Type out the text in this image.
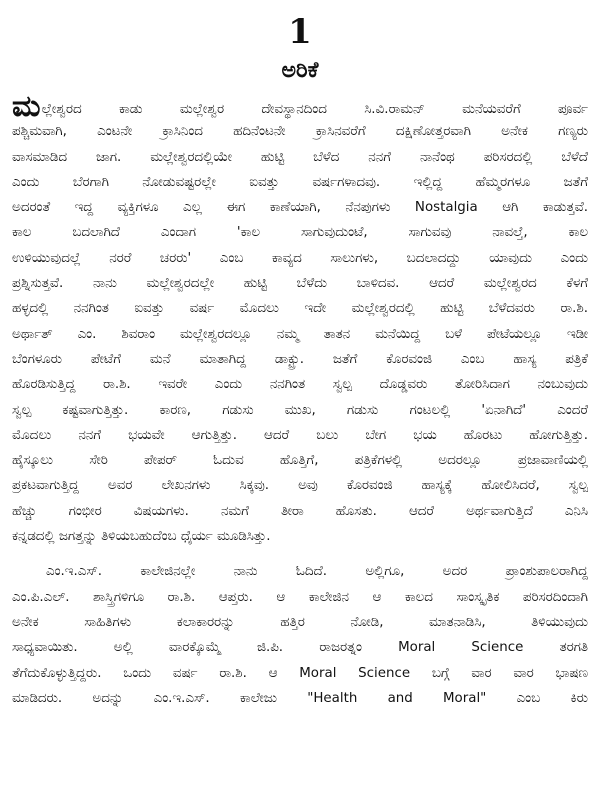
1
ಅರಿಕೆ
ಮಲ್ಲೇಶ್ವರದ ಕಾಡು ಮಲ್ಲೇಶ್ವರ ದೇವಸ್ಥಾನದಿಂದ ಸಿ.ವಿ.ರಾಮನ್ ಮನೆಯವರೆಗೆ ಪೂರ್ವ
ಪಶ್ಚಿಮವಾಗಿ, ಎಂಟನೇ ಕ್ರಾಸಿನಿಂದ ಹದಿನೆಂಟನೇ ಕ್ರಾಸಿನವರೆಗೆ ದಕ್ಷಿಣೋತ್ತರವಾಗಿ ಅನೇಕ ಗಣ್ಯರು
ವಾಸಮಾಡಿದ ಜಾಗ. ಮಲ್ಲೇಶ್ವರದಲ್ಲಿಯೇ ಹುಟ್ಟಿ ಬೆಳೆದ ನನಗೆ ನಾನೆಂಥ ಪರಿಸರದಲ್ಲಿ ಬೆಳೆದೆ
ಎಂದು ಬೆರಗಾಗಿ ನೋಡುವಷ್ಟರಲ್ಲೇ ಐವತ್ತು ವರ್ಷಗಳಾದವು. ಇಲ್ಲಿದ್ದ ಹೆಮ್ಮರಗಳೂ ಜತೆಗೆ
ಅದರಂತೆ ಇದ್ದ ವ್ಯಕ್ತಿಗಳೂ ಎಲ್ಲ ಈಗ ಕಾಣೆಯಾಗಿ, ನೆನಪುಗಳು Nostalgia ಆಗಿ ಕಾಡುತ್ತವೆ.
ಕಾಲ ಬದಲಾಗಿದೆ ಎಂದಾಗ 'ಕಾಲ ಸಾಗುವುದುಂಟೆ, ಸಾಗುವವು ನಾವಲ್ತೆ, ಕಾಲ
ಉಳಿಯುವುದಲ್ಲೆ ನರರೆ ಚರರು' ಎಂಬ ಕಾವ್ಯದ ಸಾಲುಗಳು, ಬದಲಾದದ್ದು ಯಾವುದು ಎಂದು
ಪ್ರಶ್ನಿಸುತ್ತವೆ. ನಾನು ಮಲ್ಲೇಶ್ವರದಲ್ಲೇ ಹುಟ್ಟಿ ಬೆಳೆದು ಬಾಳಿದವ. ಆದರೆ ಮಲ್ಲೇಶ್ವರದ ಕೆಳಗೆ
ಹಳ್ಳದಲ್ಲಿ ನನಗಿಂತ ಐವತ್ತು ವರ್ಷ ಮೊದಲು ಇದೇ ಮಲ್ಲೇಶ್ವರದಲ್ಲಿ ಹುಟ್ಟಿ ಬೆಳೆದವರು ರಾ.ಶಿ.
ಅರ್ಥಾತ್ ಎಂ. ಶಿವರಾಂ ಮಲ್ಲೇಶ್ವರದಲ್ಲೂ ನಮ್ಮ ತಾತನ ಮನೆಯಿದ್ದ ಬಳೆ ಪೇಟೆಯಲ್ಲೂ ಇಡೀ
ಬೆಂಗಳೂರು ಪೇಟೆಗೆ ಮನೆ ಮಾತಾಗಿದ್ದ ಡಾಕ್ಟ್ರು. ಜತೆಗೆ ಕೊರವಂಜಿ ಎಂಬ ಹಾಸ್ಯ ಪತ್ರಿಕೆ
ಹೊರಡಿಸುತ್ತಿದ್ದ ರಾ.ಶಿ. ಇವರೇ ಎಂದು ನನಗಿಂತ ಸ್ವಲ್ಪ ದೊಡ್ಡವರು ತೋರಿಸಿದಾಗ ನಂಬುವುದು
ಸ್ವಲ್ಪ ಕಷ್ಟವಾಗುತ್ತಿತ್ತು. ಕಾರಣ, ಗಡುಸು ಮುಖ, ಗಡುಸು ಗಂಟಲಲ್ಲಿ 'ಏನಾಗಿದೆ' ಎಂದರೆ
ಮೊದಲು ನನಗೆ ಭಯವೇ ಆಗುತ್ತಿತ್ತು. ಆದರೆ ಬಲು ಬೇಗ ಭಯ ಹೊರಟು ಹೋಗುತ್ತಿತ್ತು.
ಹೈಸ್ಕೂಲು ಸೇರಿ ಪೇಪರ್ ಓದುವ ಹೊತ್ತಿಗೆ, ಪತ್ರಿಕೆಗಳಲ್ಲಿ ಅದರಲ್ಲೂ ಪ್ರಜಾವಾಣಿಯಲ್ಲಿ
ಪ್ರಕಟವಾಗುತ್ತಿದ್ದ ಅವರ ಲೇಖನಗಳು ಸಿಕ್ಕವು. ಅವು ಕೊರವಂಜಿ ಹಾಸ್ಯಕ್ಕೆ ಹೋಲಿಸಿದರೆ, ಸ್ವಲ್ಪ
ಹೆಚ್ಚು ಗಂಭೀರ ವಿಷಯಗಳು. ನಮಗೆ ತೀರಾ ಹೊಸತು. ಆದರೆ ಅರ್ಥವಾಗುತ್ತಿದೆ ಎನಿಸಿ
ಕನ್ನಡದಲ್ಲಿ ಜಗತ್ತನ್ನು ತಿಳಿಯಬಹುದೆಂಬ ಧೈರ್ಯ ಮೂಡಿಸಿತ್ತು.
ಎಂ.ಇ.ಎಸ್. ಕಾಲೇಜಿನಲ್ಲೇ ನಾನು ಓದಿದೆ. ಅಲ್ಲಿಗೂ, ಅದರ ಪ್ರಾಂಶುಪಾಲರಾಗಿದ್ದ
ಎಂ.ಪಿ.ಎಲ್. ಶಾಸ್ತ್ರಿಗಳಿಗೂ ರಾ.ಶಿ. ಆಪ್ತರು. ಆ ಕಾಲೇಜಿನ ಆ ಕಾಲದ ಸಾಂಸ್ಕೃತಿಕ ಪರಿಸರದಿಂದಾಗಿ
ಅನೇಕ ಸಾಹಿತಿಗಳು ಕಲಾಕಾರರನ್ನು ಹತ್ತಿರ ನೋಡಿ, ಮಾತನಾಡಿಸಿ, ತಿಳಿಯುವುದು
ಸಾಧ್ಯವಾಯಿತು. ಅಲ್ಲಿ ವಾರಕ್ಕೊಮ್ಮೆ ಜಿ.ಪಿ. ರಾಜರತ್ನಂ Moral Science ತರಗತಿ
ತೆಗೆದುಕೊಳ್ಳುತ್ತಿದ್ದರು. ಒಂದು ವರ್ಷ ರಾ.ಶಿ. ಆ Moral Science ಬಗ್ಗೆ ವಾರ ವಾರ ಭಾಷಣ
ಮಾಡಿದರು. ಅದನ್ನು ಎಂ.ಇ.ಎಸ್. ಕಾಲೇಜು "Health and Moral" ಎಂಬ ಕಿರು
